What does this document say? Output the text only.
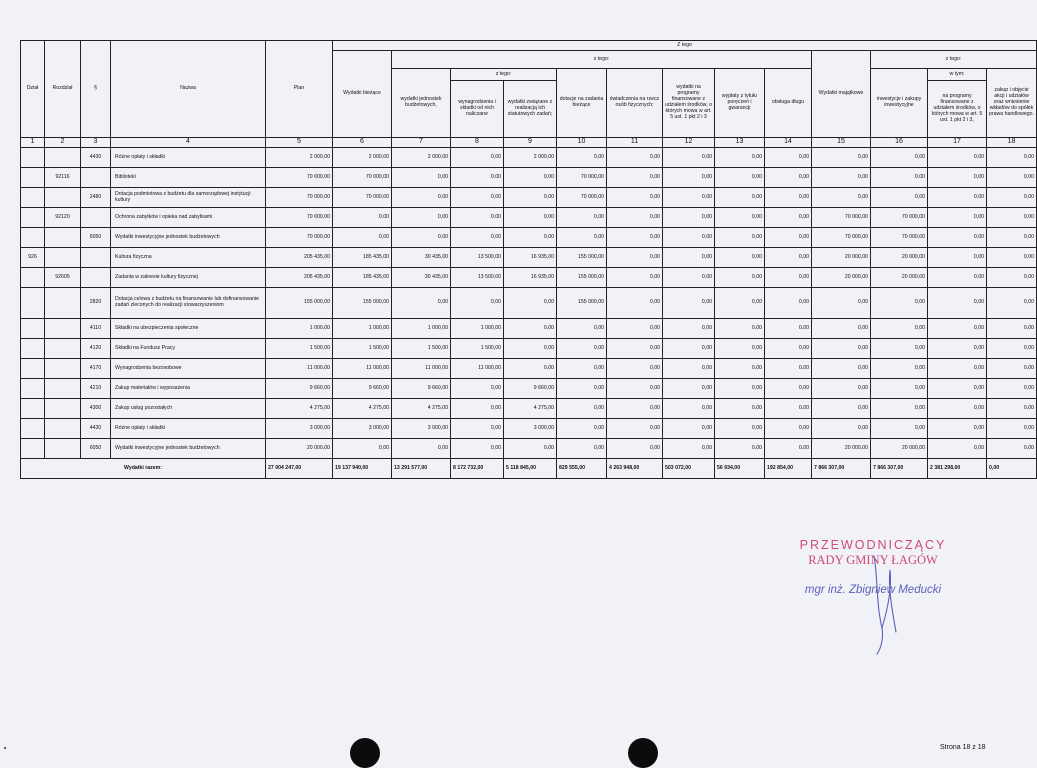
Dział	Rozdział	§	Nazwa	Plan	Z tego												
					Wydatki bieżące	z tego:								Wydatki majątkowe	z tego:		
						wydatki jednostek budżetowych,	z tego:		dotacje na zadania bieżące	świadczenia na rzecz osób fizycznych;	wydatki na programy finansowane z udziałem środków, o których mowa w art. 5 ust. 1 pkt 2 i 3	wypłaty z tytułu poręczeń i gwarancji	obsługa długu		inwestycje i zakupy inwestycyjne	w tym:	zakup i objęcie akcji i udziałów oraz wniesienie wkładów do spółek prawa handlowego.
							wynagrodzenia i składki od nich naliczane	wydatki związane z realizacją ich statutowych zadań;								na programy finansowane z udziałem środków, o których mowa w art. 5 ust. 1 pkt 2 i 3,	
1	2	3	4	5	6	7	8	9	10	11	12	13	14	15	16	17	18
		4430	Różne opłaty i składki	2 000,00	2 000,00	2 000,00	0,00	2 000,00	0,00	0,00	0,00	0,00	0,00	0,00	0,00	0,00	0,00
	92116		Biblioteki	70 000,00	70 000,00	0,00	0,00	0,00	70 000,00	0,00	0,00	0,00	0,00	0,00	0,00	0,00	0,00
		2480	Dotacja podmiotowa z budżetu dla samorządowej instytucji kultury	70 000,00	70 000,00	0,00	0,00	0,00	70 000,00	0,00	0,00	0,00	0,00	0,00	0,00	0,00	0,00
	92120		Ochrona zabytków i opieka nad zabytkami	70 000,00	0,00	0,00	0,00	0,00	0,00	0,00	0,00	0,00	0,00	70 000,00	70 000,00	0,00	0,00
		6050	Wydatki inwestycyjne jednostek budżetowych	70 000,00	0,00	0,00	0,00	0,00	0,00	0,00	0,00	0,00	0,00	70 000,00	70 000,00	0,00	0,00
926			Kultura fizyczna	205 435,00	185 435,00	30 435,00	13 500,00	16 935,00	155 000,00	0,00	0,00	0,00	0,00	20 000,00	20 000,00	0,00	0,00
	92605		Zadania w zakresie kultury fizycznej	205 435,00	185 435,00	30 435,00	13 500,00	16 935,00	155 000,00	0,00	0,00	0,00	0,00	20 000,00	20 000,00	0,00	0,00
		2820	Dotacja celowa z budżetu na finansowanie lub dofinansowanie zadań zleconych do realizacji stowarzyszeniom	155 000,00	155 000,00	0,00	0,00	0,00	155 000,00	0,00	0,00	0,00	0,00	0,00	0,00	0,00	0,00
		4110	Składki na ubezpieczenia społeczne	1 000,00	1 000,00	1 000,00	1 000,00	0,00	0,00	0,00	0,00	0,00	0,00	0,00	0,00	0,00	0,00
		4120	Składki na Fundusz Pracy	1 500,00	1 500,00	1 500,00	1 500,00	0,00	0,00	0,00	0,00	0,00	0,00	0,00	0,00	0,00	0,00
		4170	Wynagrodzenia bezosobowe	11 000,00	11 000,00	11 000,00	11 000,00	0,00	0,00	0,00	0,00	0,00	0,00	0,00	0,00	0,00	0,00
		4210	Zakup materiałów i wyposażenia	9 660,00	9 660,00	9 660,00	0,00	9 660,00	0,00	0,00	0,00	0,00	0,00	0,00	0,00	0,00	0,00
		4300	Zakup usług pozostałych	4 275,00	4 275,00	4 275,00	0,00	4 275,00	0,00	0,00	0,00	0,00	0,00	0,00	0,00	0,00	0,00
		4430	Różne opłaty i składki	3 000,00	3 000,00	3 000,00	0,00	3 000,00	0,00	0,00	0,00	0,00	0,00	0,00	0,00	0,00	0,00
		6050	Wydatki inwestycyjne jednostek budżetowych	20 000,00	0,00	0,00	0,00	0,00	0,00	0,00	0,00	0,00	0,00	20 000,00	20 000,00	0,00	0,00
Wydatki razem:				27 004 247,00	19 137 940,00	13 291 577,00	8 172 732,00	5 118 845,00	829 555,00	4 263 948,00	503 072,00	56 934,00	192 854,00	7 866 307,00	7 866 307,00	2 381 298,00	0,00
PRZEWODNICZĄCY
RADY GMINY ŁAGÓW
mgr inż. Zbigniew Meducki
Strona 18 z 18
